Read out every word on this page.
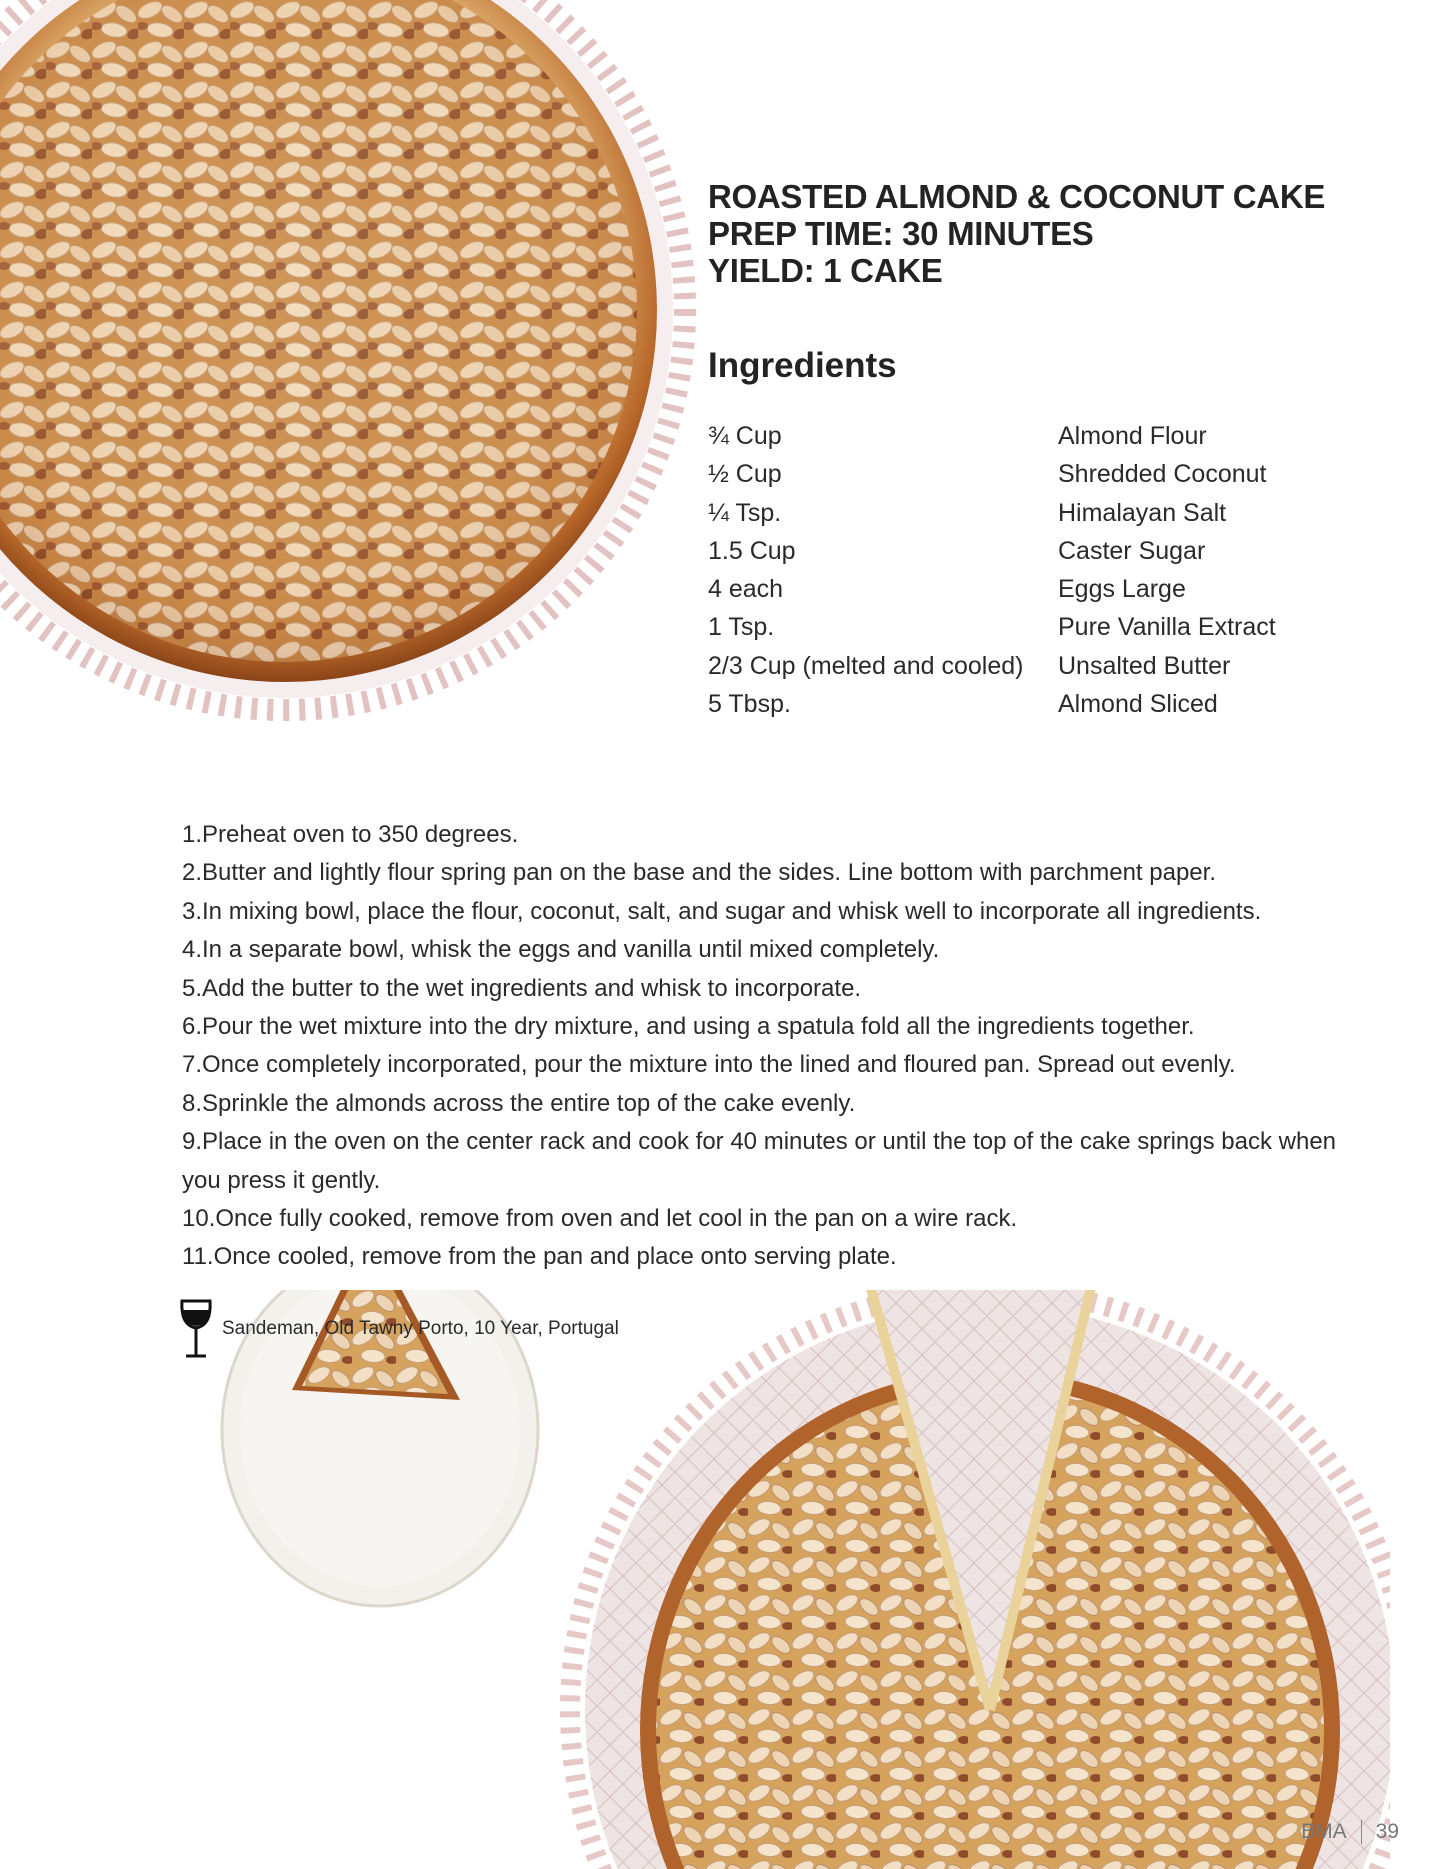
ROASTED ALMOND & COCONUT CAKE
PREP TIME: 30 MINUTES
YIELD: 1 CAKE
Ingredients
¾ Cup	Almond Flour
½ Cup	Shredded Coconut
¼ Tsp.	Himalayan Salt
1.5 Cup	Caster Sugar
4 each	Eggs Large
1 Tsp.	Pure Vanilla Extract
2/3 Cup (melted and cooled)	Unsalted Butter
5 Tbsp.	Almond Sliced

1.Preheat oven to 350 degrees.

2.Butter and lightly flour spring pan on the base and the sides. Line bottom with parchment paper.

3.In mixing bowl, place the flour, coconut, salt, and sugar and whisk well to incorporate all ingredients.

4.In a separate bowl, whisk the eggs and vanilla until mixed completely.

5.Add the butter to the wet ingredients and whisk to incorporate.

6.Pour the wet mixture into the dry mixture, and using a spatula fold all the ingredients together.

7.Once completely incorporated, pour the mixture into the lined and floured pan. Spread out evenly.

8.Sprinkle the almonds across the entire top of the cake evenly.

9.Place in the oven on the center rack and cook for 40 minutes or until the top of the cake springs back when you press it gently.

10.Once fully cooked, remove from oven and let cool in the pan on a wire rack.

11.Once cooled, remove from the pan and place onto serving plate.

Sandeman, Old Tawny Porto, 10 Year, Portugal
BMA 39
